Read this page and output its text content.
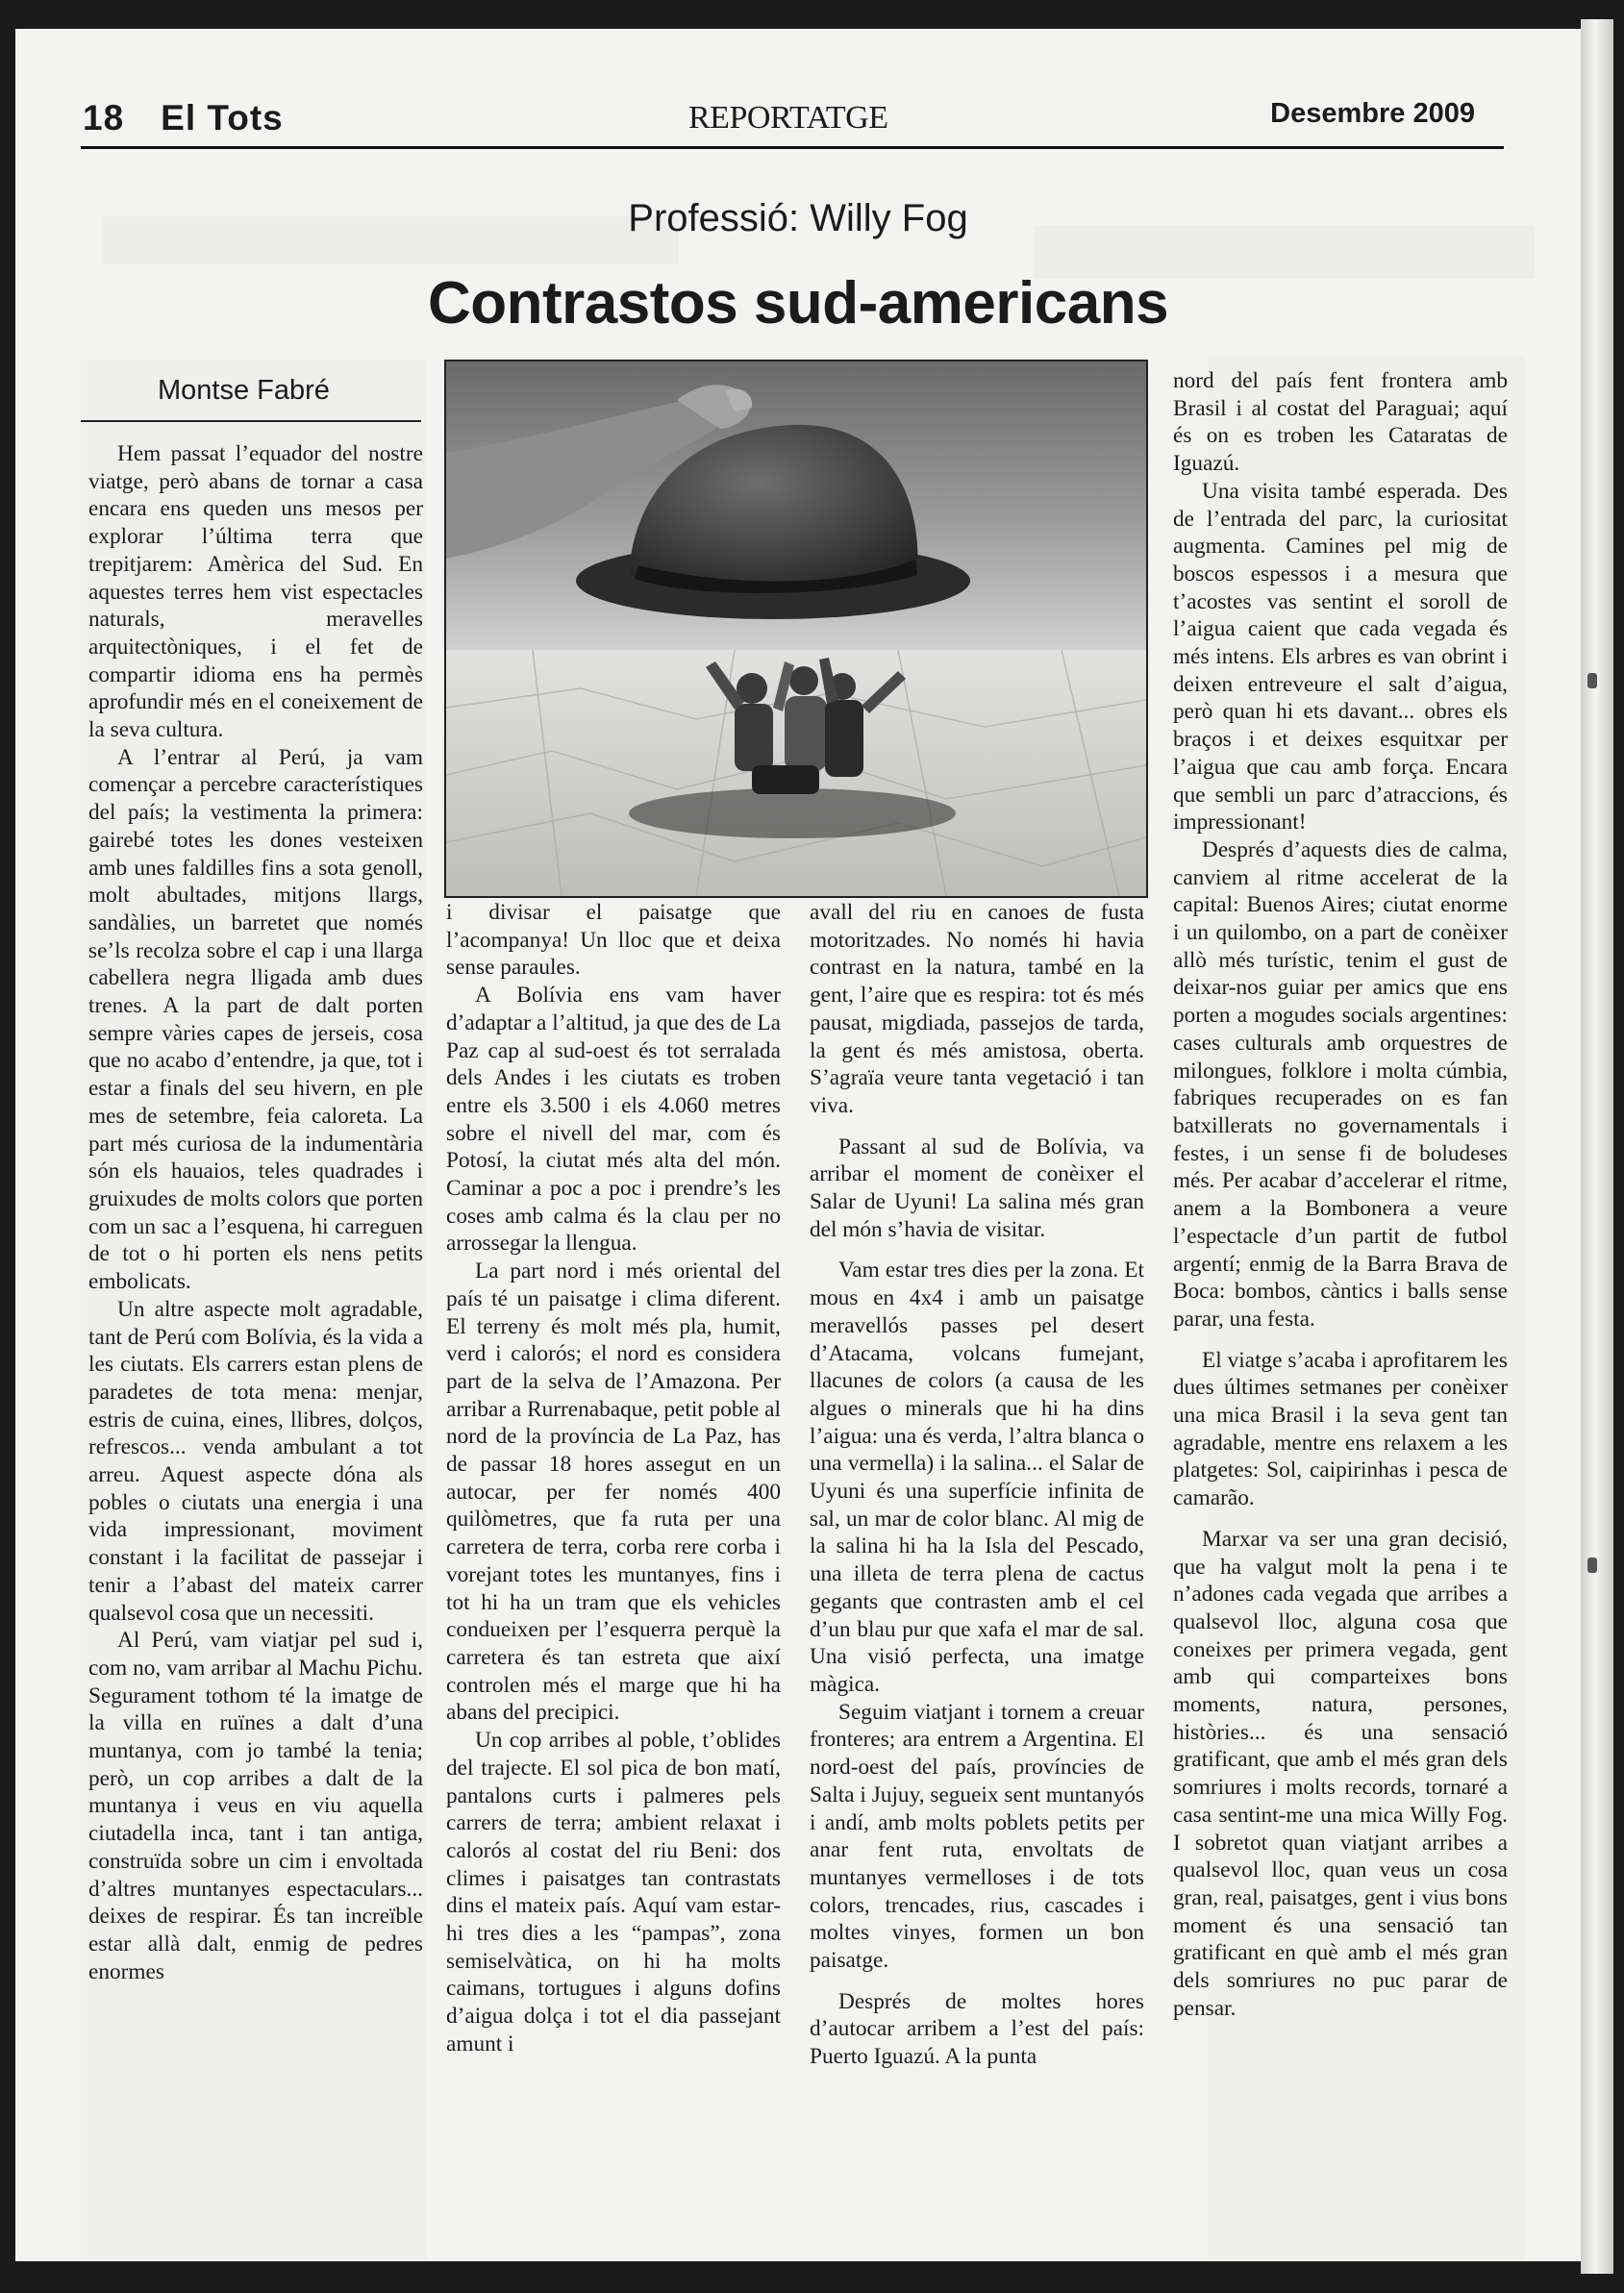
18 El Tots	REPORTATGE	Desembre 2009
Professió: Willy Fog
Contrastos sud-americans
Montse Fabré

Hem passat l’equador del nostre viatge, però abans de tornar a casa encara ens queden uns mesos per explorar l’última terra que trepitjarem: Amèrica del Sud. En aquestes terres hem vist espectacles naturals, meravelles arquitectòniques, i el fet de compartir idioma ens ha permès aprofundir més en el coneixement de la seva cultura.

A l’entrar al Perú, ja vam començar a percebre característiques del país; la vestimenta la primera: gairebé totes les dones vesteixen amb unes faldilles fins a sota genoll, molt abultades, mitjons llargs, sandàlies, un barretet que només se’ls recolza sobre el cap i una llarga cabellera negra lligada amb dues trenes. A la part de dalt porten sempre vàries capes de jerseis, cosa que no acabo d’entendre, ja que, tot i estar a finals del seu hivern, en ple mes de setembre, feia caloreta. La part més curiosa de la indumentària són els hauaios, teles quadrades i gruixudes de molts colors que porten com un sac a l’esquena, hi carreguen de tot o hi porten els nens petits embolicats.

Un altre aspecte molt agradable, tant de Perú com Bolívia, és la vida a les ciutats. Els carrers estan plens de paradetes de tota mena: menjar, estris de cuina, eines, llibres, dolços, refrescos... venda ambulant a tot arreu. Aquest aspecte dóna als pobles o ciutats una energia i una vida impressionant, moviment constant i la facilitat de passejar i tenir a l’abast del mateix carrer qualsevol cosa que un necessiti.

Al Perú, vam viatjar pel sud i, com no, vam arribar al Machu Pichu. Segurament tothom té la imatge de la villa en ruïnes a dalt d’una muntanya, com jo també la tenia; però, un cop arribes a dalt de la muntanya i veus en viu aquella ciutadella inca, tant i tan antiga, construïda sobre un cim i envoltada d’altres muntanyes espectaculars... deixes de respirar. És tan increïble estar allà dalt, enmig de pedres enormes

i divisar el paisatge que l’acompanya! Un lloc que et deixa sense paraules.

A Bolívia ens vam haver d’adaptar a l’altitud, ja que des de La Paz cap al sud-oest és tot serralada dels Andes i les ciutats es troben entre els 3.500 i els 4.060 metres sobre el nivell del mar, com és Potosí, la ciutat més alta del món. Caminar a poc a poc i prendre’s les coses amb calma és la clau per no arrossegar la llengua.

La part nord i més oriental del país té un paisatge i clima diferent. El terreny és molt més pla, humit, verd i calorós; el nord es considera part de la selva de l’Amazona. Per arribar a Rurrenabaque, petit poble al nord de la província de La Paz, has de passar 18 hores assegut en un autocar, per fer només 400 quilòmetres, que fa ruta per una carretera de terra, corba rere corba i vorejant totes les muntanyes, fins i tot hi ha un tram que els vehicles condueixen per l’esquerra perquè la carretera és tan estreta que així controlen més el marge que hi ha abans del precipici.

Un cop arribes al poble, t’oblides del trajecte. El sol pica de bon matí, pantalons curts i palmeres pels carrers de terra; ambient relaxat i calorós al costat del riu Beni: dos climes i paisatges tan contrastats dins el mateix país. Aquí vam estar-hi tres dies a les “pampas”, zona semiselvàtica, on hi ha molts caimans, tortugues i alguns dofins d’aigua dolça i tot el dia passejant amunt i

avall del riu en canoes de fusta motoritzades. No només hi havia contrast en la natura, també en la gent, l’aire que es respira: tot és més pausat, migdiada, passejos de tarda, la gent és més amistosa, oberta. S’agraïa veure tanta vegetació i tan viva.

Passant al sud de Bolívia, va arribar el moment de conèixer el Salar de Uyuni! La salina més gran del món s’havia de visitar.

Vam estar tres dies per la zona. Et mous en 4x4 i amb un paisatge meravellós passes pel desert d’Atacama, volcans fumejant, llacunes de colors (a causa de les algues o minerals que hi ha dins l’aigua: una és verda, l’altra blanca o una vermella) i la salina... el Salar de Uyuni és una superfície infinita de sal, un mar de color blanc. Al mig de la salina hi ha la Isla del Pescado, una illeta de terra plena de cactus gegants que contrasten amb el cel d’un blau pur que xafa el mar de sal. Una visió perfecta, una imatge màgica.

Seguim viatjant i tornem a creuar fronteres; ara entrem a Argentina. El nord-oest del país, províncies de Salta i Jujuy, segueix sent muntanyós i andí, amb molts poblets petits per anar fent ruta, envoltats de muntanyes vermelloses i de tots colors, trencades, rius, cascades i moltes vinyes, formen un bon paisatge.

Després de moltes hores d’autocar arribem a l’est del país: Puerto Iguazú. A la punta

nord del país fent frontera amb Brasil i al costat del Paraguai; aquí és on es troben les Cataratas de Iguazú.

Una visita també esperada. Des de l’entrada del parc, la curiositat augmenta. Camines pel mig de boscos espessos i a mesura que t’acostes vas sentint el soroll de l’aigua caient que cada vegada és més intens. Els arbres es van obrint i deixen entreveure el salt d’aigua, però quan hi ets davant... obres els braços i et deixes esquitxar per l’aigua que cau amb força. Encara que sembli un parc d’atraccions, és impressionant!

Després d’aquests dies de calma, canviem al ritme accelerat de la capital: Buenos Aires; ciutat enorme i un quilombo, on a part de conèixer allò més turístic, tenim el gust de deixar-nos guiar per amics que ens porten a mogudes socials argentines: cases culturals amb orquestres de milongues, folklore i molta cúmbia, fabriques recuperades on es fan batxillerats no governamentals i festes, i un sense fi de boludeses més. Per acabar d’accelerar el ritme, anem a la Bombonera a veure l’espectacle d’un partit de futbol argentí; enmig de la Barra Brava de Boca: bombos, càntics i balls sense parar, una festa.

El viatge s’acaba i aprofitarem les dues últimes setmanes per conèixer una mica Brasil i la seva gent tan agradable, mentre ens relaxem a les platgetes: Sol, caipirinhas i pesca de camarão.

Marxar va ser una gran decisió, que ha valgut molt la pena i te n’adones cada vegada que arribes a qualsevol lloc, alguna cosa que coneixes per primera vegada, gent amb qui comparteixes bons moments, natura, persones, històries... és una sensació gratificant, que amb el més gran dels somriures i molts records, tornaré a casa sentint-me una mica Willy Fog. I sobretot quan viatjant arribes a qualsevol lloc, quan veus un cosa gran, real, paisatges, gent i vius bons moment és una sensació tan gratificant en què amb el més gran dels somriures no puc parar de pensar.
